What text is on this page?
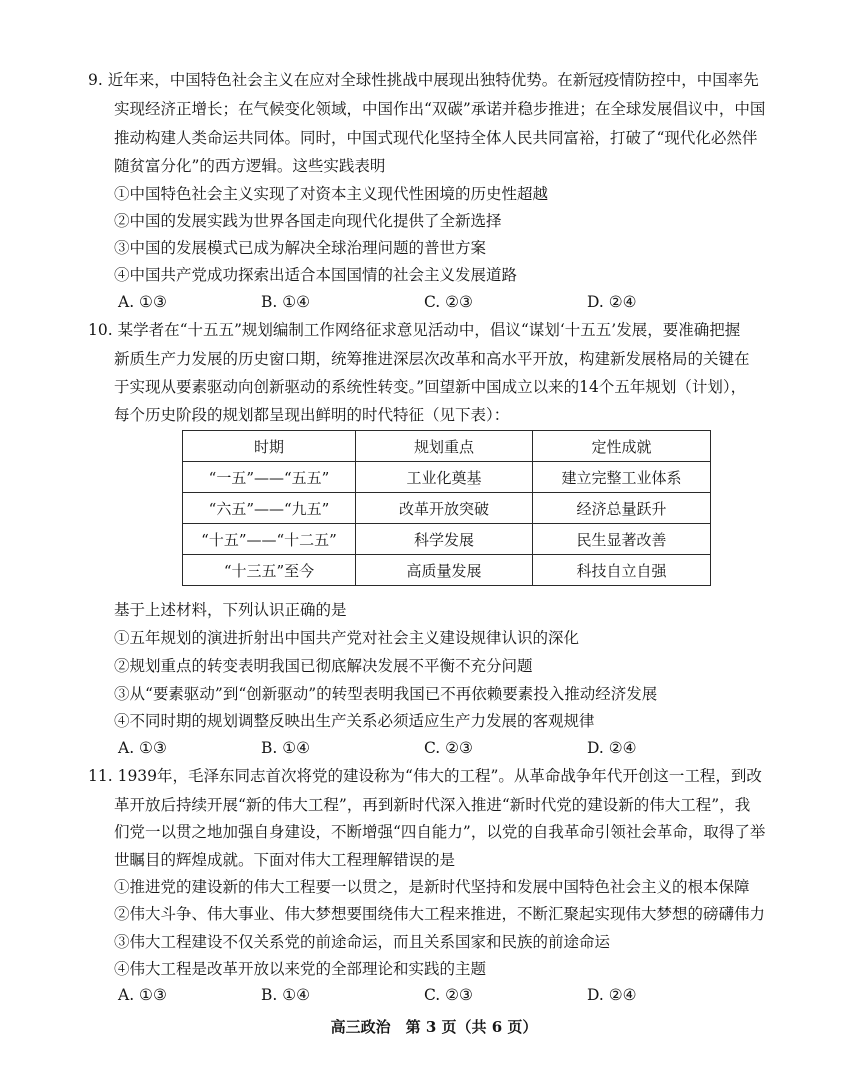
9. 近年来，中国特色社会主义在应对全球性挑战中展现出独特优势。在新冠疫情防控中，中国率先
实现经济正增长；在气候变化领域，中国作出“双碳”承诺并稳步推进；在全球发展倡议中，中国
推动构建人类命运共同体。同时，中国式现代化坚持全体人民共同富裕，打破了“现代化必然伴
随贫富分化”的西方逻辑。这些实践表明
①中国特色社会主义实现了对资本主义现代性困境的历史性超越
②中国的发展实践为世界各国走向现代化提供了全新选择
③中国的发展模式已成为解决全球治理问题的普世方案
④中国共产党成功探索出适合本国国情的社会主义发展道路
A. ①③	B. ①④	C. ②③	D. ②④
10. 某学者在“十五五”规划编制工作网络征求意见活动中，倡议“谋划‘十五五’发展，要准确把握
新质生产力发展的历史窗口期，统筹推进深层次改革和高水平开放，构建新发展格局的关键在
于实现从要素驱动向创新驱动的系统性转变。”回望新中国成立以来的14个五年规划（计划），
每个历史阶段的规划都呈现出鲜明的时代特征（见下表）：
时期	规划重点	定性成就
“一五”——“五五”	工业化奠基	建立完整工业体系
“六五”——“九五”	改革开放突破	经济总量跃升
“十五”——“十二五”	科学发展	民生显著改善
“十三五”至今	高质量发展	科技自立自强
基于上述材料，下列认识正确的是
①五年规划的演进折射出中国共产党对社会主义建设规律认识的深化
②规划重点的转变表明我国已彻底解决发展不平衡不充分问题
③从“要素驱动”到“创新驱动”的转型表明我国已不再依赖要素投入推动经济发展
④不同时期的规划调整反映出生产关系必须适应生产力发展的客观规律
A. ①③	B. ①④	C. ②③	D. ②④
11. 1939年，毛泽东同志首次将党的建设称为“伟大的工程”。从革命战争年代开创这一工程，到改
革开放后持续开展“新的伟大工程”，再到新时代深入推进“新时代党的建设新的伟大工程”，我
们党一以贯之地加强自身建设，不断增强“四自能力”，以党的自我革命引领社会革命，取得了举
世瞩目的辉煌成就。下面对伟大工程理解错误的是
①推进党的建设新的伟大工程要一以贯之，是新时代坚持和发展中国特色社会主义的根本保障
②伟大斗争、伟大事业、伟大梦想要围绕伟大工程来推进，不断汇聚起实现伟大梦想的磅礴伟力
③伟大工程建设不仅关系党的前途命运，而且关系国家和民族的前途命运
④伟大工程是改革开放以来党的全部理论和实践的主题
A. ①③	B. ①④	C. ②③	D. ②④
高三政治　第 3 页（共 6 页）
